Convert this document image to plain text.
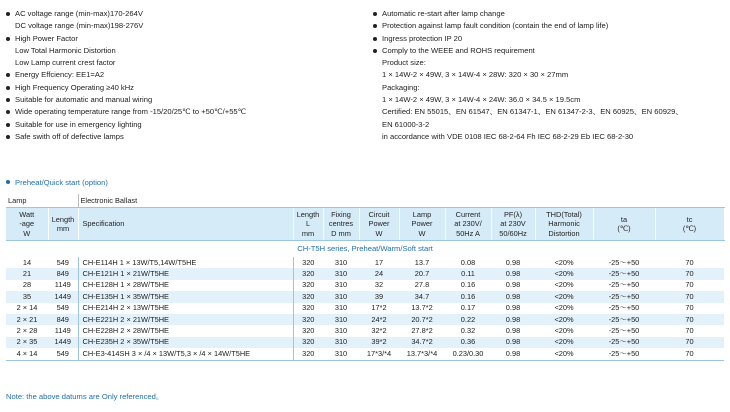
AC voltage range (min-max)170-264V
DC voltage range (min-max)198-276V
High Power Factor
Low Total Harmonic Distortion
Low Lamp current crest factor
Energy Effciency: EE1=A2
High Frequency Operating ≥40 kHz
Suitable for automatic and manual wiring
Wide operating temperature range from -15/20/25℃ to +50℃/+55℃
Suitable for use in emergency lighting
Safe swith off of defective lamps
Automatic re-start after lamp change
Protection against lamp fault condition (contain the end of lamp life)
Ingress protection IP 20
Comply to the WEEE and ROHS requirement
Product size:
1 × 14W-2 × 49W, 3 × 14W-4 × 28W: 320 × 30 × 27mm
Packaging:
1 × 14W-2 × 49W, 3 × 14W-4 × 24W: 36.0 × 34.5 × 19.5cm
Certified: EN 55015、EN 61547、EN 61347-1、EN 61347-2-3、EN 60925、EN 60929、
EN 61000-3-2
in accordance with VDE 0108 IEC 68-2-64 Fh IEC 68-2-29 Eb IEC 68-2-30
Preheat/Quick start (option)
Lamp		Electronic Ballast									
Watt
-age
W	Length
mm	Specification	Length
L
mm	Fixing
centres
D mm	Circuit
Power
W	Lamp
Power
W	Current
at 230V/
50Hz A	PF(λ)
at 230V
50/60Hz	THD(Total)
Harmonic
Distortion	ta
(℃)	tc
(℃)
CH-T5H series, Preheat/Warm/Soft start											
14	549	CH-E114H 1 × 13W/T5,14W/T5HE	320	310	17	13.7	0.08	0.98	<20%	-25～+50	70
21	849	CH-E121H 1 × 21W/T5HE	320	310	24	20.7	0.11	0.98	<20%	-25～+50	70
28	1149	CH-E128H 1 × 28W/T5HE	320	310	32	27.8	0.16	0.98	<20%	-25～+50	70
35	1449	CH-E135H 1 × 35W/T5HE	320	310	39	34.7	0.16	0.98	<20%	-25～+50	70
2 × 14	549	CH-E214H 2 × 13W/T5HE	320	310	17*2	13.7*2	0.17	0.98	<20%	-25～+50	70
2 × 21	849	CH-E221H 2 × 21W/T5HE	320	310	24*2	20.7*2	0.22	0.98	<20%	-25～+50	70
2 × 28	1149	CH-E228H 2 × 28W/T5HE	320	310	32*2	27.8*2	0.32	0.98	<20%	-25～+50	70
2 × 35	1449	CH-E235H 2 × 35W/T5HE	320	310	39*2	34.7*2	0.36	0.98	<20%	-25～+50	70
4 × 14	549	CH-E3-414SH 3 × /4 × 13W/T5,3 × /4 × 14W/T5HE	320	310	17*3/*4	13.7*3/*4	0.23/0.30	0.98	<20%	-25～+50	70
Note: the above datums are Only referenced。
